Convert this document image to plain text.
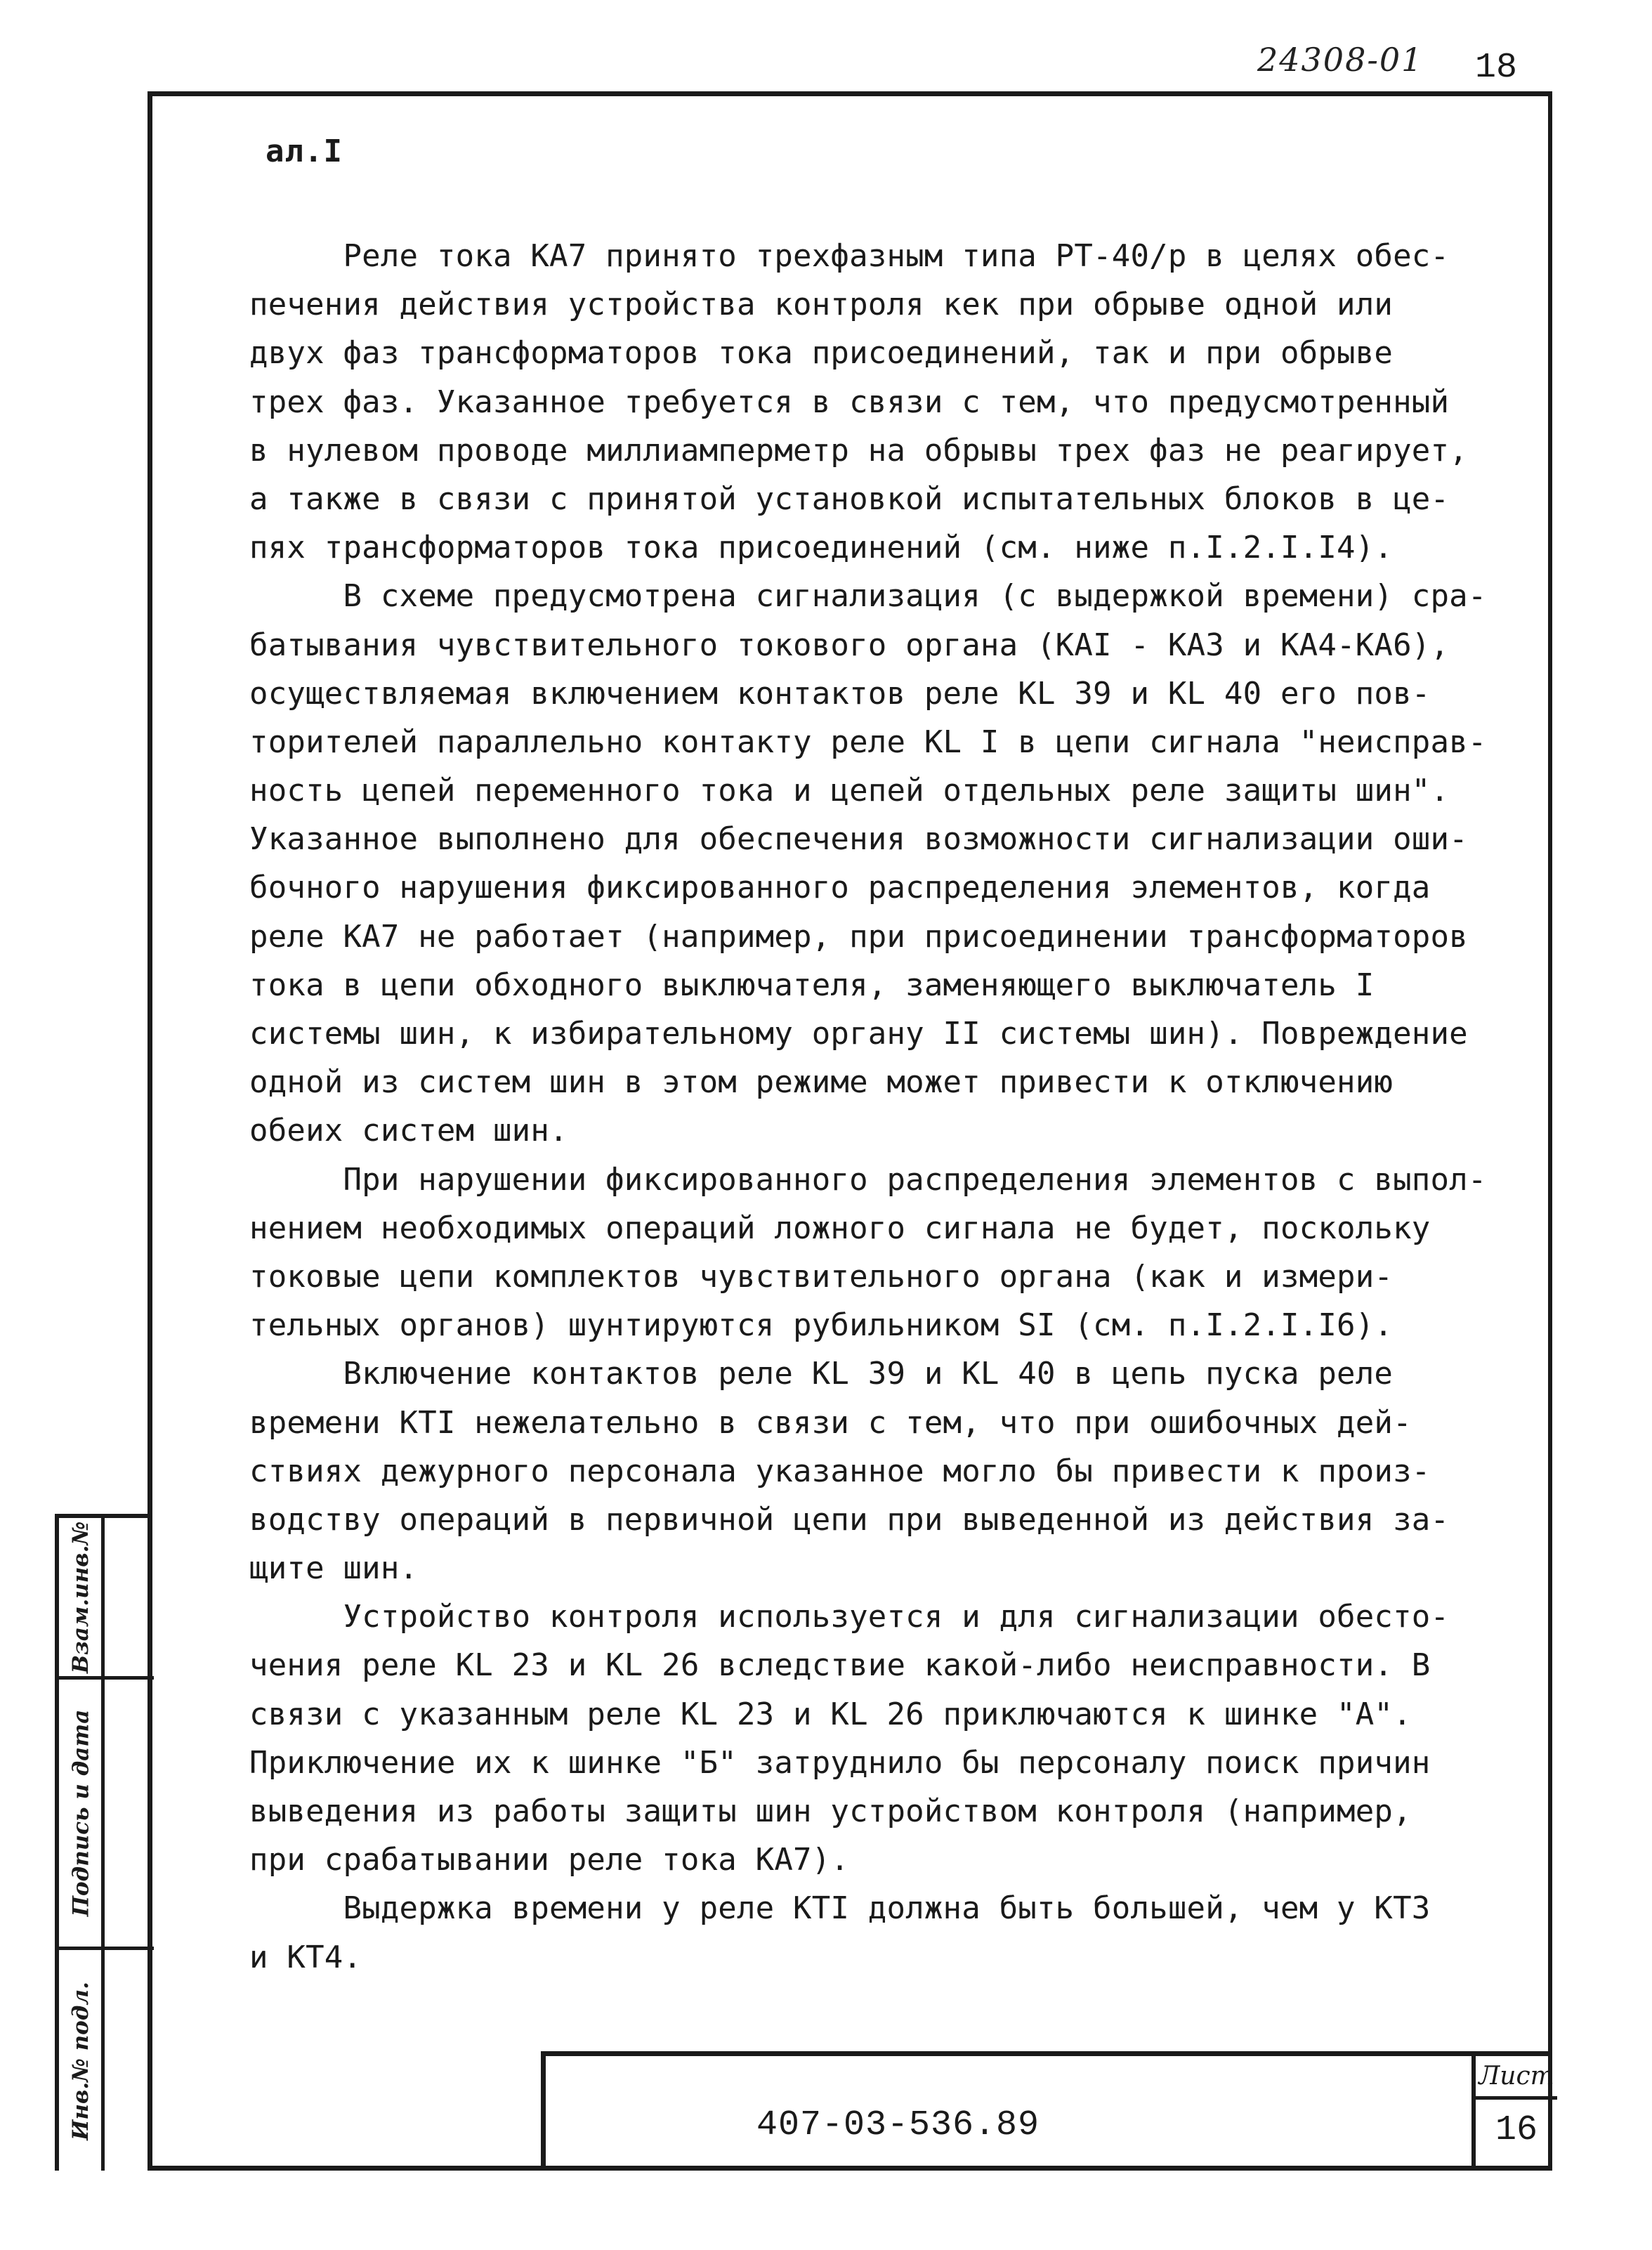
24308-01 18
ал.I
Реле тока КА7 принято трехфазным типа РТ-40/р в целях обес-
печения действия устройства контроля кек при обрыве одной или
двух фаз трансформаторов тока присоединений, так и при обрыве
трех фаз. Указанное требуется в связи с тем, что предусмотренный
в нулевом проводе миллиамперметр на обрывы трех фаз не реагирует,
а также в связи с принятой установкой испытательных блоков в це-
пях трансформаторов тока присоединений (см. ниже п.I.2.I.I4).
В схеме предусмотрена сигнализация (с выдержкой времени) сра-
батывания чувствительного токового органа (КАI - КА3 и КА4-КА6),
осуществляемая включением контактов реле KL 39 и KL 40 его пов-
торителей параллельно контакту реле KL I в цепи сигнала "неисправ-
ность цепей переменного тока и цепей отдельных реле защиты шин".
Указанное выполнено для обеспечения возможности сигнализации оши-
бочного нарушения фиксированного распределения элементов, когда
реле КА7 не работает (например, при присоединении трансформаторов
тока в цепи обходного выключателя, заменяющего выключатель I
системы шин, к избирательному органу II системы шин). Повреждение
одной из систем шин в этом режиме может привести к отключению
обеих систем шин.
При нарушении фиксированного распределения элементов с выпол-
нением необходимых операций ложного сигнала не будет, поскольку
токовые цепи комплектов чувствительного органа (как и измери-
тельных органов) шунтируются рубильником SI (см. п.I.2.I.I6).
Включение контактов реле KL 39 и KL 40 в цепь пуска реле
времени КТI нежелательно в связи с тем, что при ошибочных дей-
ствиях дежурного персонала указанное могло бы привести к произ-
водству операций в первичной цепи при выведенной из действия за-
щите шин.
Устройство контроля используется и для сигнализации обесто-
чения реле KL 23 и KL 26 вследствие какой-либо неисправности. В
связи с указанным реле KL 23 и KL 26 приключаются к шинке "А".
Приключение их к шинке "Б" затруднило бы персоналу поиск причин
выведения из работы защиты шин устройством контроля (например,
при срабатывании реле тока КА7).
Выдержка времени у реле КТI должна быть большей, чем у КТ3
и КТ4.
Взам.инв.№
Подпись и дата
Инв.№ подл.	407-03-536.89
Лист
16
